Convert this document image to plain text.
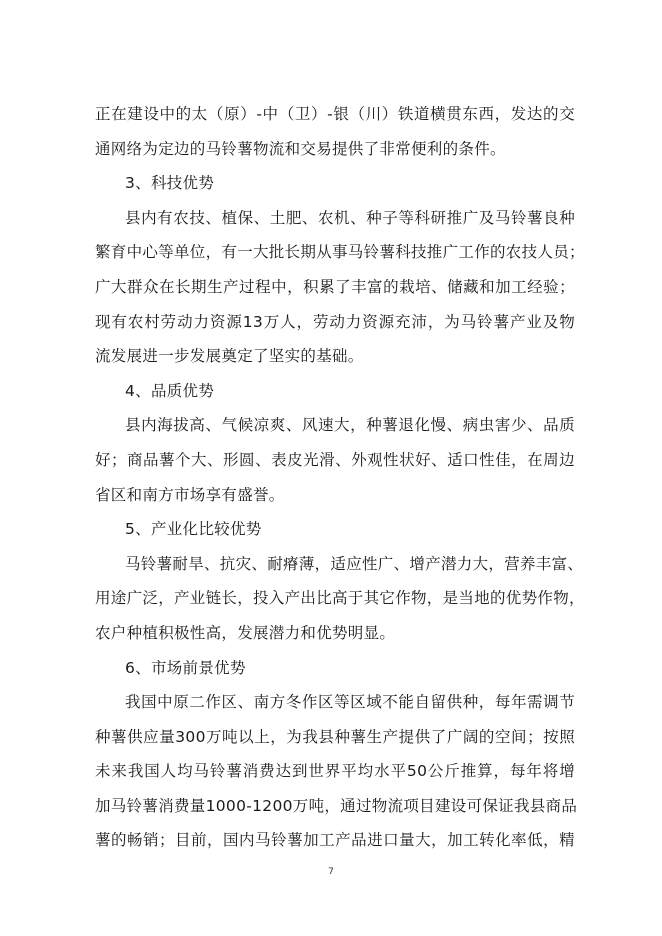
正在建设中的太（原）-中（卫）-银（川）铁道横贯东西，发达的交
通网络为定边的马铃薯物流和交易提供了非常便利的条件。
3、科技优势
县内有农技、植保、土肥、农机、种子等科研推广及马铃薯良种
繁育中心等单位，有一大批长期从事马铃薯科技推广工作的农技人员；
广大群众在长期生产过程中，积累了丰富的栽培、储藏和加工经验；
现有农村劳动力资源13万人，劳动力资源充沛，为马铃薯产业及物
流发展进一步发展奠定了坚实的基础。
4、品质优势
县内海拔高、气候凉爽、风速大，种薯退化慢、病虫害少、品质
好；商品薯个大、形圆、表皮光滑、外观性状好、适口性佳，在周边
省区和南方市场享有盛誉。
5、产业化比较优势
马铃薯耐旱、抗灾、耐瘠薄，适应性广、增产潜力大，营养丰富、
用途广泛，产业链长，投入产出比高于其它作物，是当地的优势作物，
农户种植积极性高，发展潜力和优势明显。
6、市场前景优势
我国中原二作区、南方冬作区等区域不能自留供种，每年需调节
种薯供应量300万吨以上，为我县种薯生产提供了广阔的空间；按照
未来我国人均马铃薯消费达到世界平均水平50公斤推算，每年将增
加马铃薯消费量1000-1200万吨，通过物流项目建设可保证我县商品
薯的畅销；目前，国内马铃薯加工产品进口量大，加工转化率低，精
7
